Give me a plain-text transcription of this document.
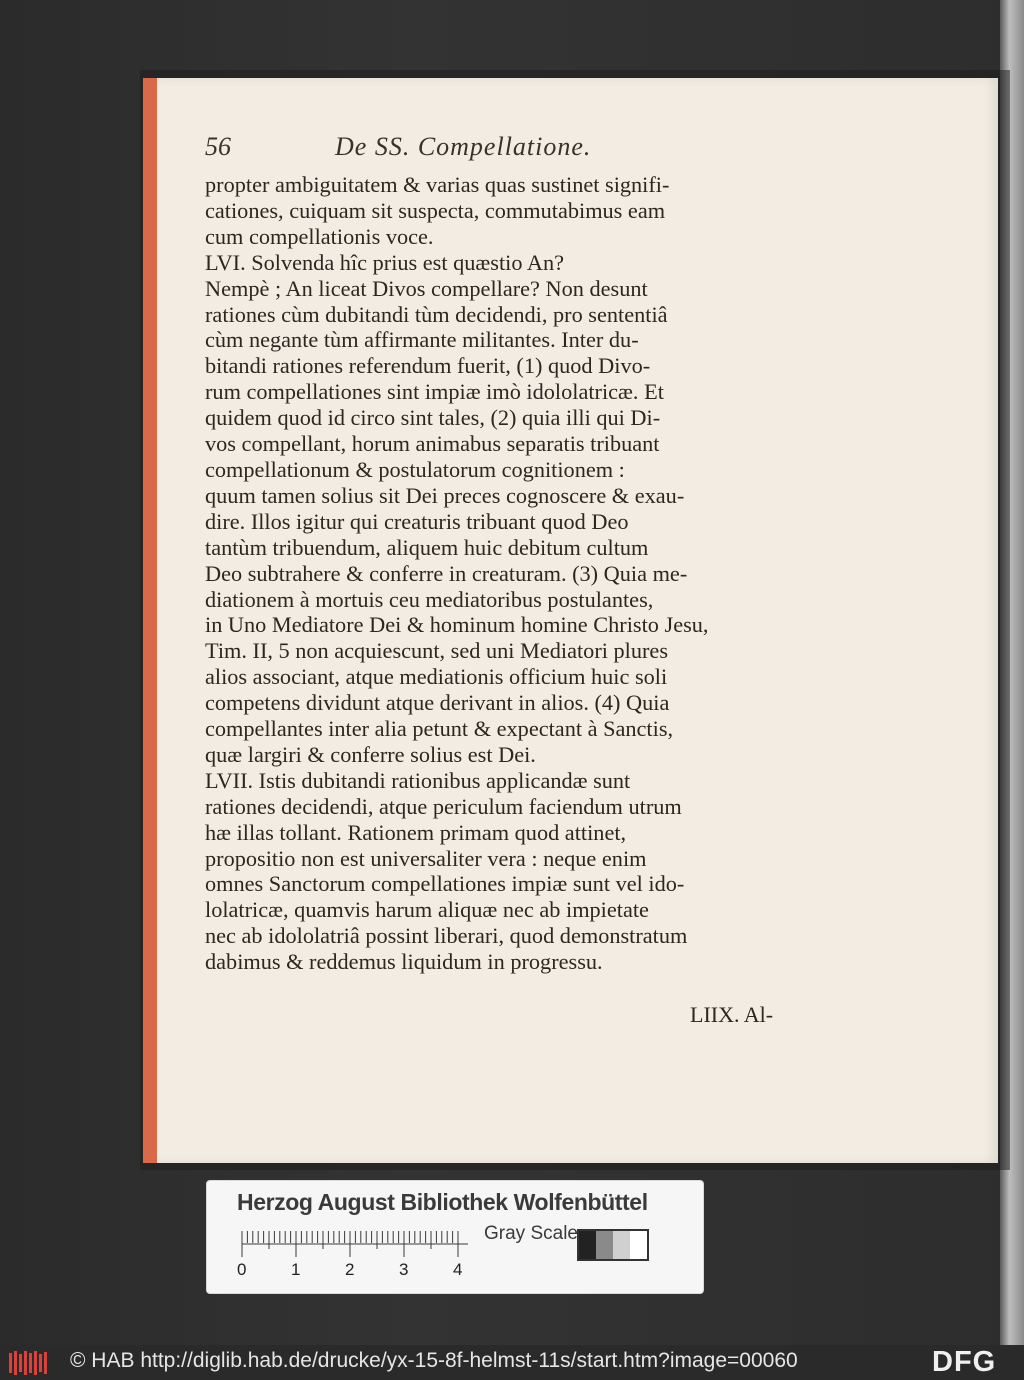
56	De SS. Compellatione.
propter ambiguitatem & varias quas sustinet signifi-
cationes, cuiquam sit suspecta, commutabimus eam
cum compellationis voce.
LVI. Solvenda hîc prius est quæstio An?
Nempè ; An liceat Divos compellare? Non desunt
rationes cùm dubitandi tùm decidendi, pro sententiâ
cùm negante tùm affirmante militantes. Inter du-
bitandi rationes referendum fuerit, (1) quod Divo-
rum compellationes sint impiæ imò idololatricæ. Et
quidem quod id circo sint tales, (2) quia illi qui Di-
vos compellant, horum animabus separatis tribuant
compellationum & postulatorum cognitionem :
quum tamen solius sit Dei preces cognoscere & exau-
dire. Illos igitur qui creaturis tribuant quod Deo
tantùm tribuendum, aliquem huic debitum cultum
Deo subtrahere & conferre in creaturam. (3) Quia me-
diationem à mortuis ceu mediatoribus postulantes,
in Uno Mediatore Dei & hominum homine Christo Jesu,
Tim. II, 5 non acquiescunt, sed uni Mediatori plures
alios associant, atque mediationis officium huic soli
competens dividunt atque derivant in alios. (4) Quia
compellantes inter alia petunt & expectant à Sanctis,
quæ largiri & conferre solius est Dei.
LVII. Istis dubitandi rationibus applicandæ sunt
rationes decidendi, atque periculum faciendum utrum
hæ illas tollant. Rationem primam quod attinet,
propositio non est universaliter vera : neque enim
omnes Sanctorum compellationes impiæ sunt vel ido-
lolatricæ, quamvis harum aliquæ nec ab impietate
nec ab idololatriâ possint liberari, quod demonstratum
dabimus & reddemus liquidum in progressu.
LIIX. Al-
Herzog August Bibliothek Wolfenbüttel
0	1	2	3	4
Gray Scale
© HAB http://diglib.hab.de/drucke/yx-15-8f-helmst-11s/start.htm?image=00060	DFG
